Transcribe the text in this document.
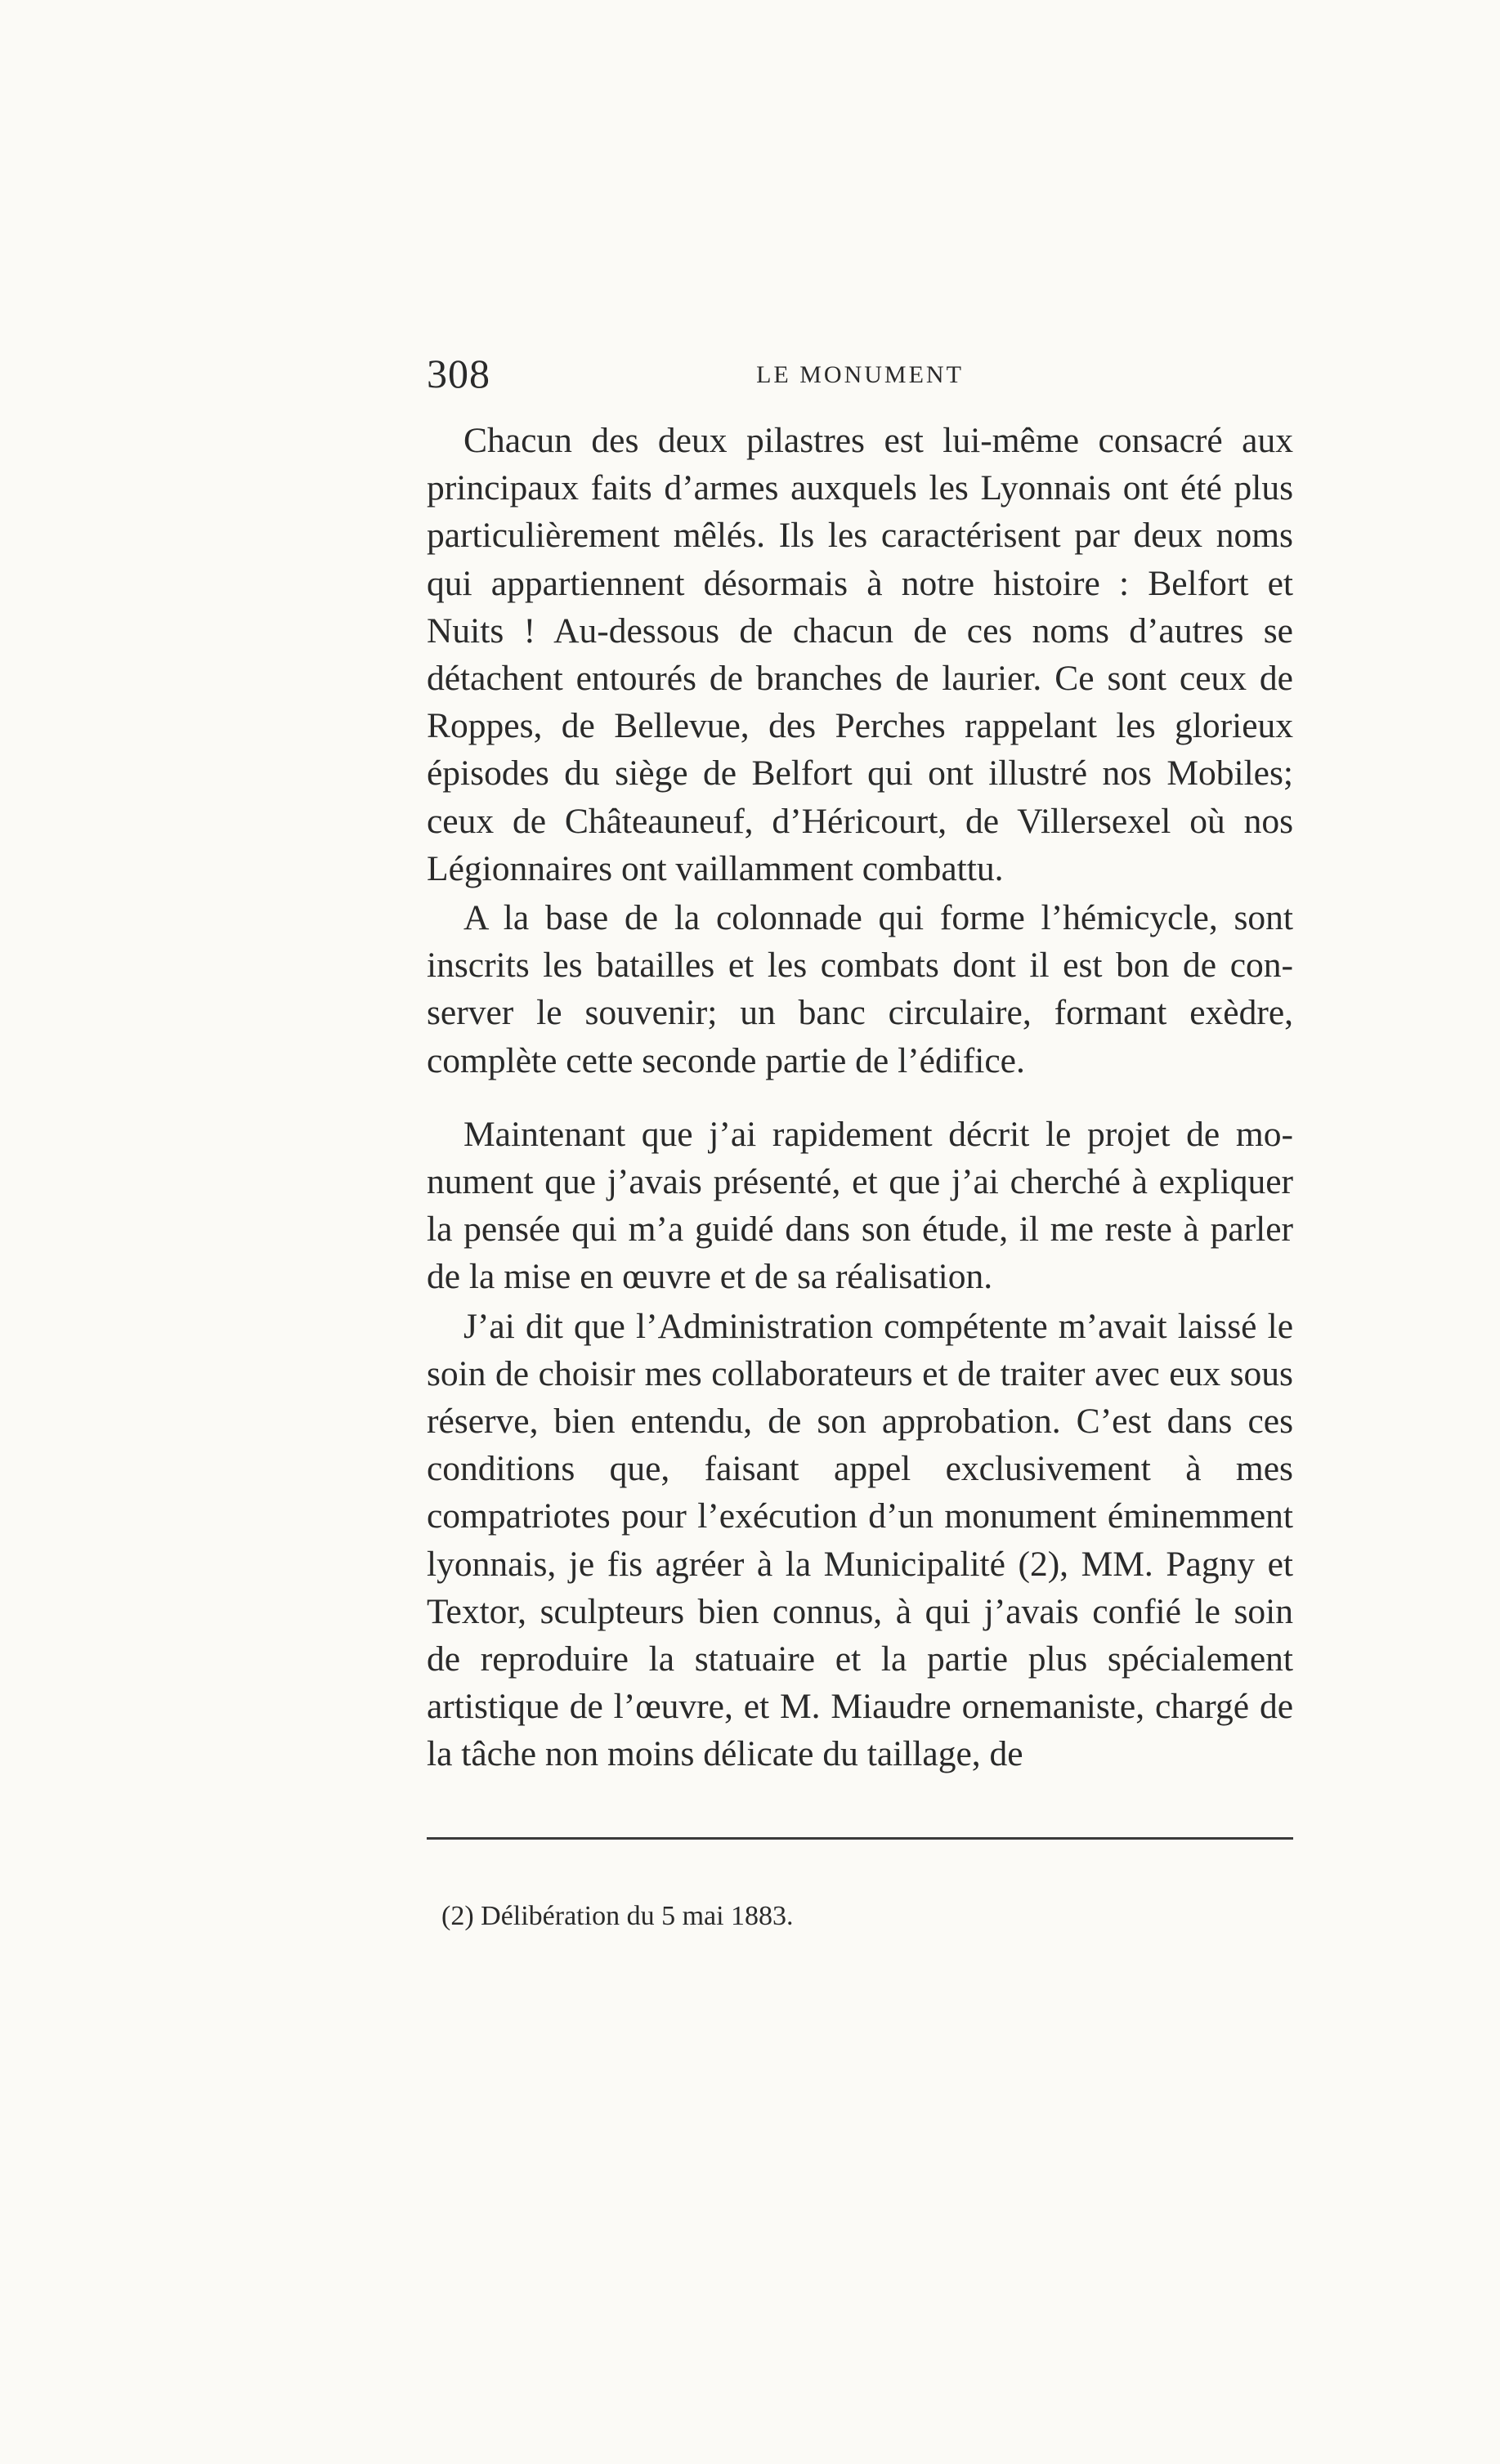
308	LE MONUMENT

Chacun des deux pilastres est lui-même consacré aux principaux faits d’armes auxquels les Lyonnais ont été plus particulièrement mêlés. Ils les caractérisent par deux noms qui appartiennent désormais à notre histoire : Belfort et Nuits ! Au-dessous de chacun de ces noms d’autres se détachent entourés de branches de laurier. Ce sont ceux de Roppes, de Bellevue, des Perches rappelant les glorieux épisodes du siège de Belfort qui ont illustré nos Mobiles; ceux de Châteauneuf, d’Héricourt, de Villersexel où nos Légionnaires ont vaillamment combattu.

A la base de la colonnade qui forme l’hémicycle, sont inscrits les batailles et les combats dont il est bon de conserver le souvenir; un banc circulaire, formant exèdre, complète cette seconde partie de l’édifice.

Maintenant que j’ai rapidement décrit le projet de monument que j’avais présenté, et que j’ai cherché à expliquer la pensée qui m’a guidé dans son étude, il me reste à parler de la mise en œuvre et de sa réalisation.

J’ai dit que l’Administration compétente m’avait laissé le soin de choisir mes collaborateurs et de traiter avec eux sous réserve, bien entendu, de son approbation. C’est dans ces conditions que, faisant appel exclusivement à mes compatriotes pour l’exécution d’un monument éminemment lyonnais, je fis agréer à la Municipalité (2), MM. Pagny et Textor, sculpteurs bien connus, à qui j’avais confié le soin de reproduire la statuaire et la partie plus spécialement artistique de l’œuvre, et M. Miaudre ornemaniste, chargé de la tâche non moins délicate du taillage, de

(2) Délibération du 5 mai 1883.
